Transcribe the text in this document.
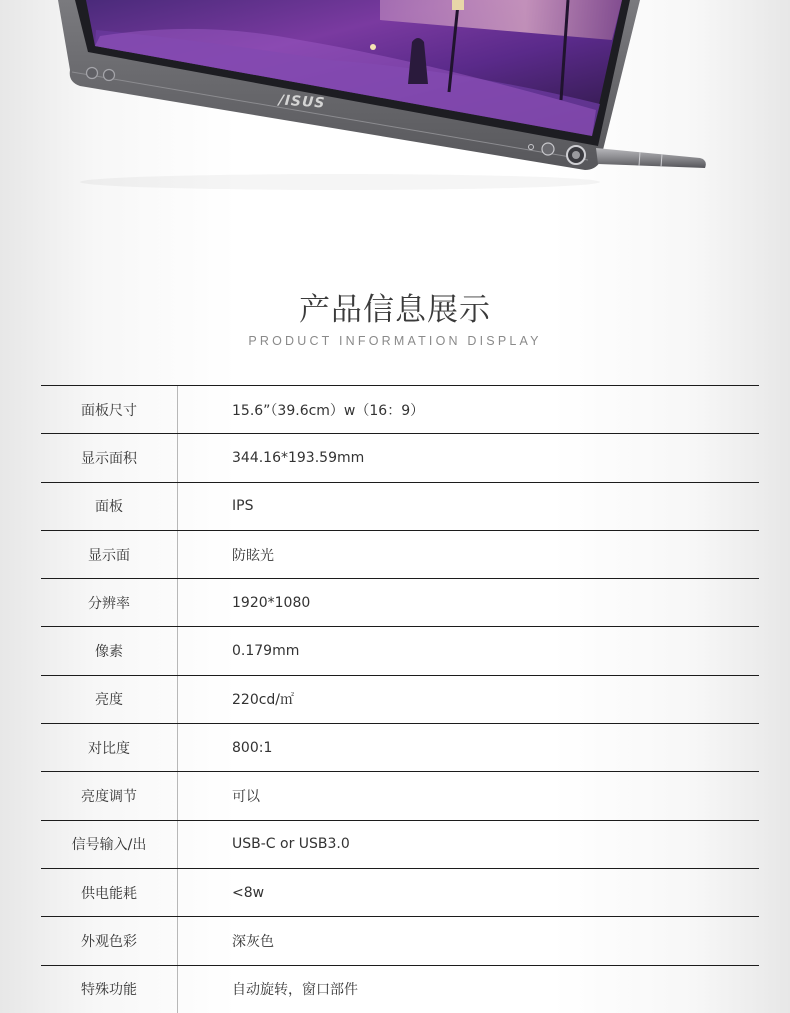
/ISUS
产品信息展示
PRODUCT INFORMATION DISPLAY
面板尺寸	15.6”（39.6cm）w（16：9）
显示面积	344.16*193.59mm
面板	IPS
显示面	防眩光
分辨率	1920*1080
像素	0.179mm
亮度	220cd/㎡
对比度	800:1
亮度调节	可以
信号输入/出	USB-C or USB3.0
供电能耗	<8w
外观色彩	深灰色
特殊功能	自动旋转，窗口部件
